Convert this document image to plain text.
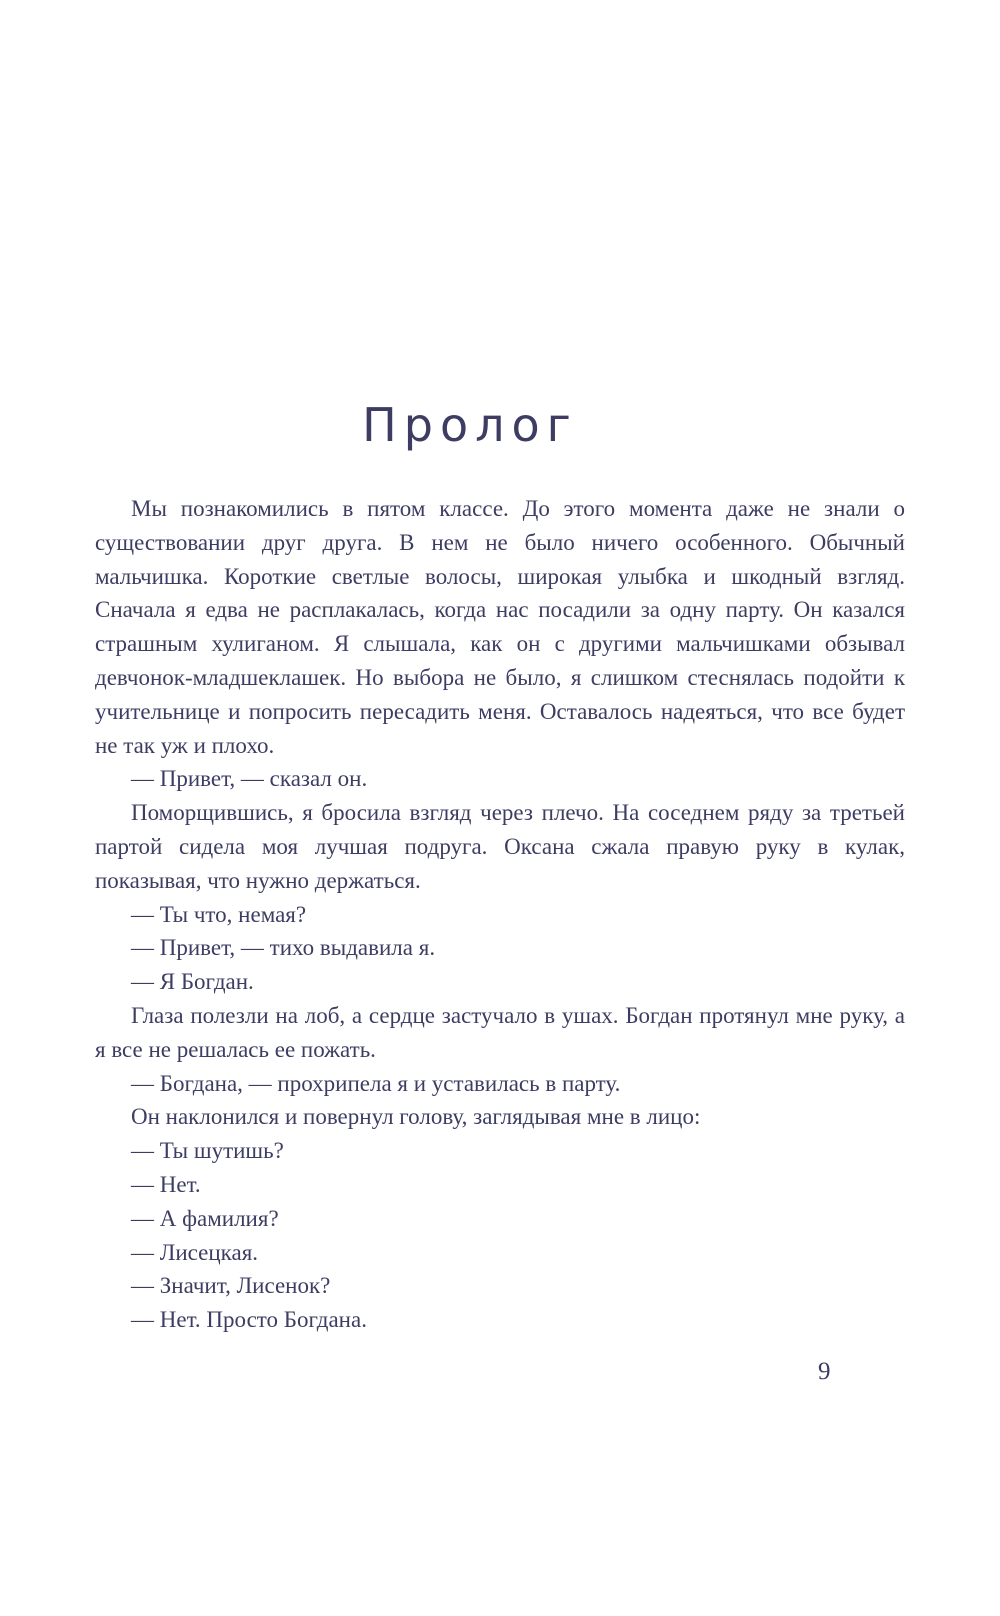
Пролог

Мы познакомились в пятом классе. До этого момента даже не знали о существовании друг друга. В нем не было ничего особенного. Обычный мальчишка. Короткие светлые волосы, широкая улыбка и шкодный взгляд. Сначала я едва не расплакалась, когда нас посадили за одну парту. Он казался страшным хулиганом. Я слышала, как он с другими мальчишками обзывал девчонок-младшеклашек. Но выбора не было, я слишком стеснялась подойти к учительнице и попросить пересадить меня. Оставалось надеяться, что все будет не так уж и плохо.

— Привет, — сказал он.

Поморщившись, я бросила взгляд через плечо. На соседнем ряду за третьей партой сидела моя лучшая подруга. Оксана сжала правую руку в кулак, показывая, что нужно держаться.

— Ты что, немая?

— Привет, — тихо выдавила я.

— Я Богдан.

Глаза полезли на лоб, а сердце застучало в ушах. Богдан протянул мне руку, а я все не решалась ее пожать.

— Богдана, — прохрипела я и уставилась в парту.

Он наклонился и повернул голову, заглядывая мне в лицо:

— Ты шутишь?

— Нет.

— А фамилия?

— Лисецкая.

— Значит, Лисенок?

— Нет. Просто Богдана.

9
